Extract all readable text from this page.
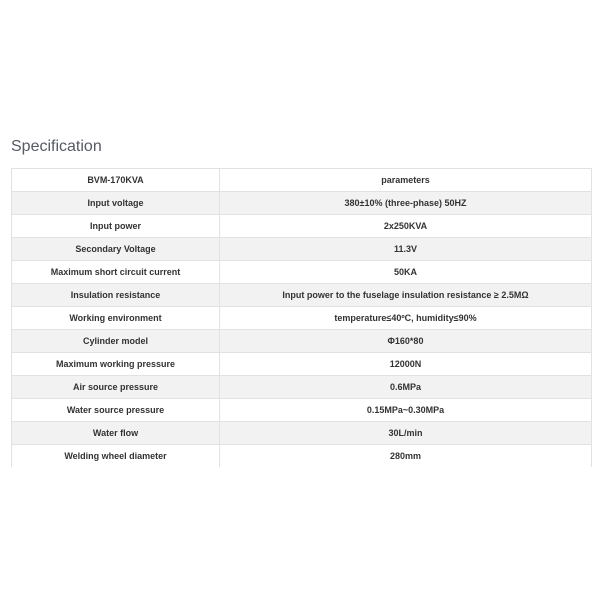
Specification
BVM-170KVA	parameters
Input voltage	380±10% (three-phase) 50HZ
Input power	2x250KVA
Secondary Voltage	11.3V
Maximum short circuit current	50KA
Insulation resistance	Input power to the fuselage insulation resistance ≥ 2.5MΩ
Working environment	temperature≤40ºC, humidity≤90%
Cylinder model	Φ160*80
Maximum working pressure	12000N
Air source pressure	0.6MPa
Water source pressure	0.15MPa~0.30MPa
Water flow	30L/min
Welding wheel diameter	280mm
